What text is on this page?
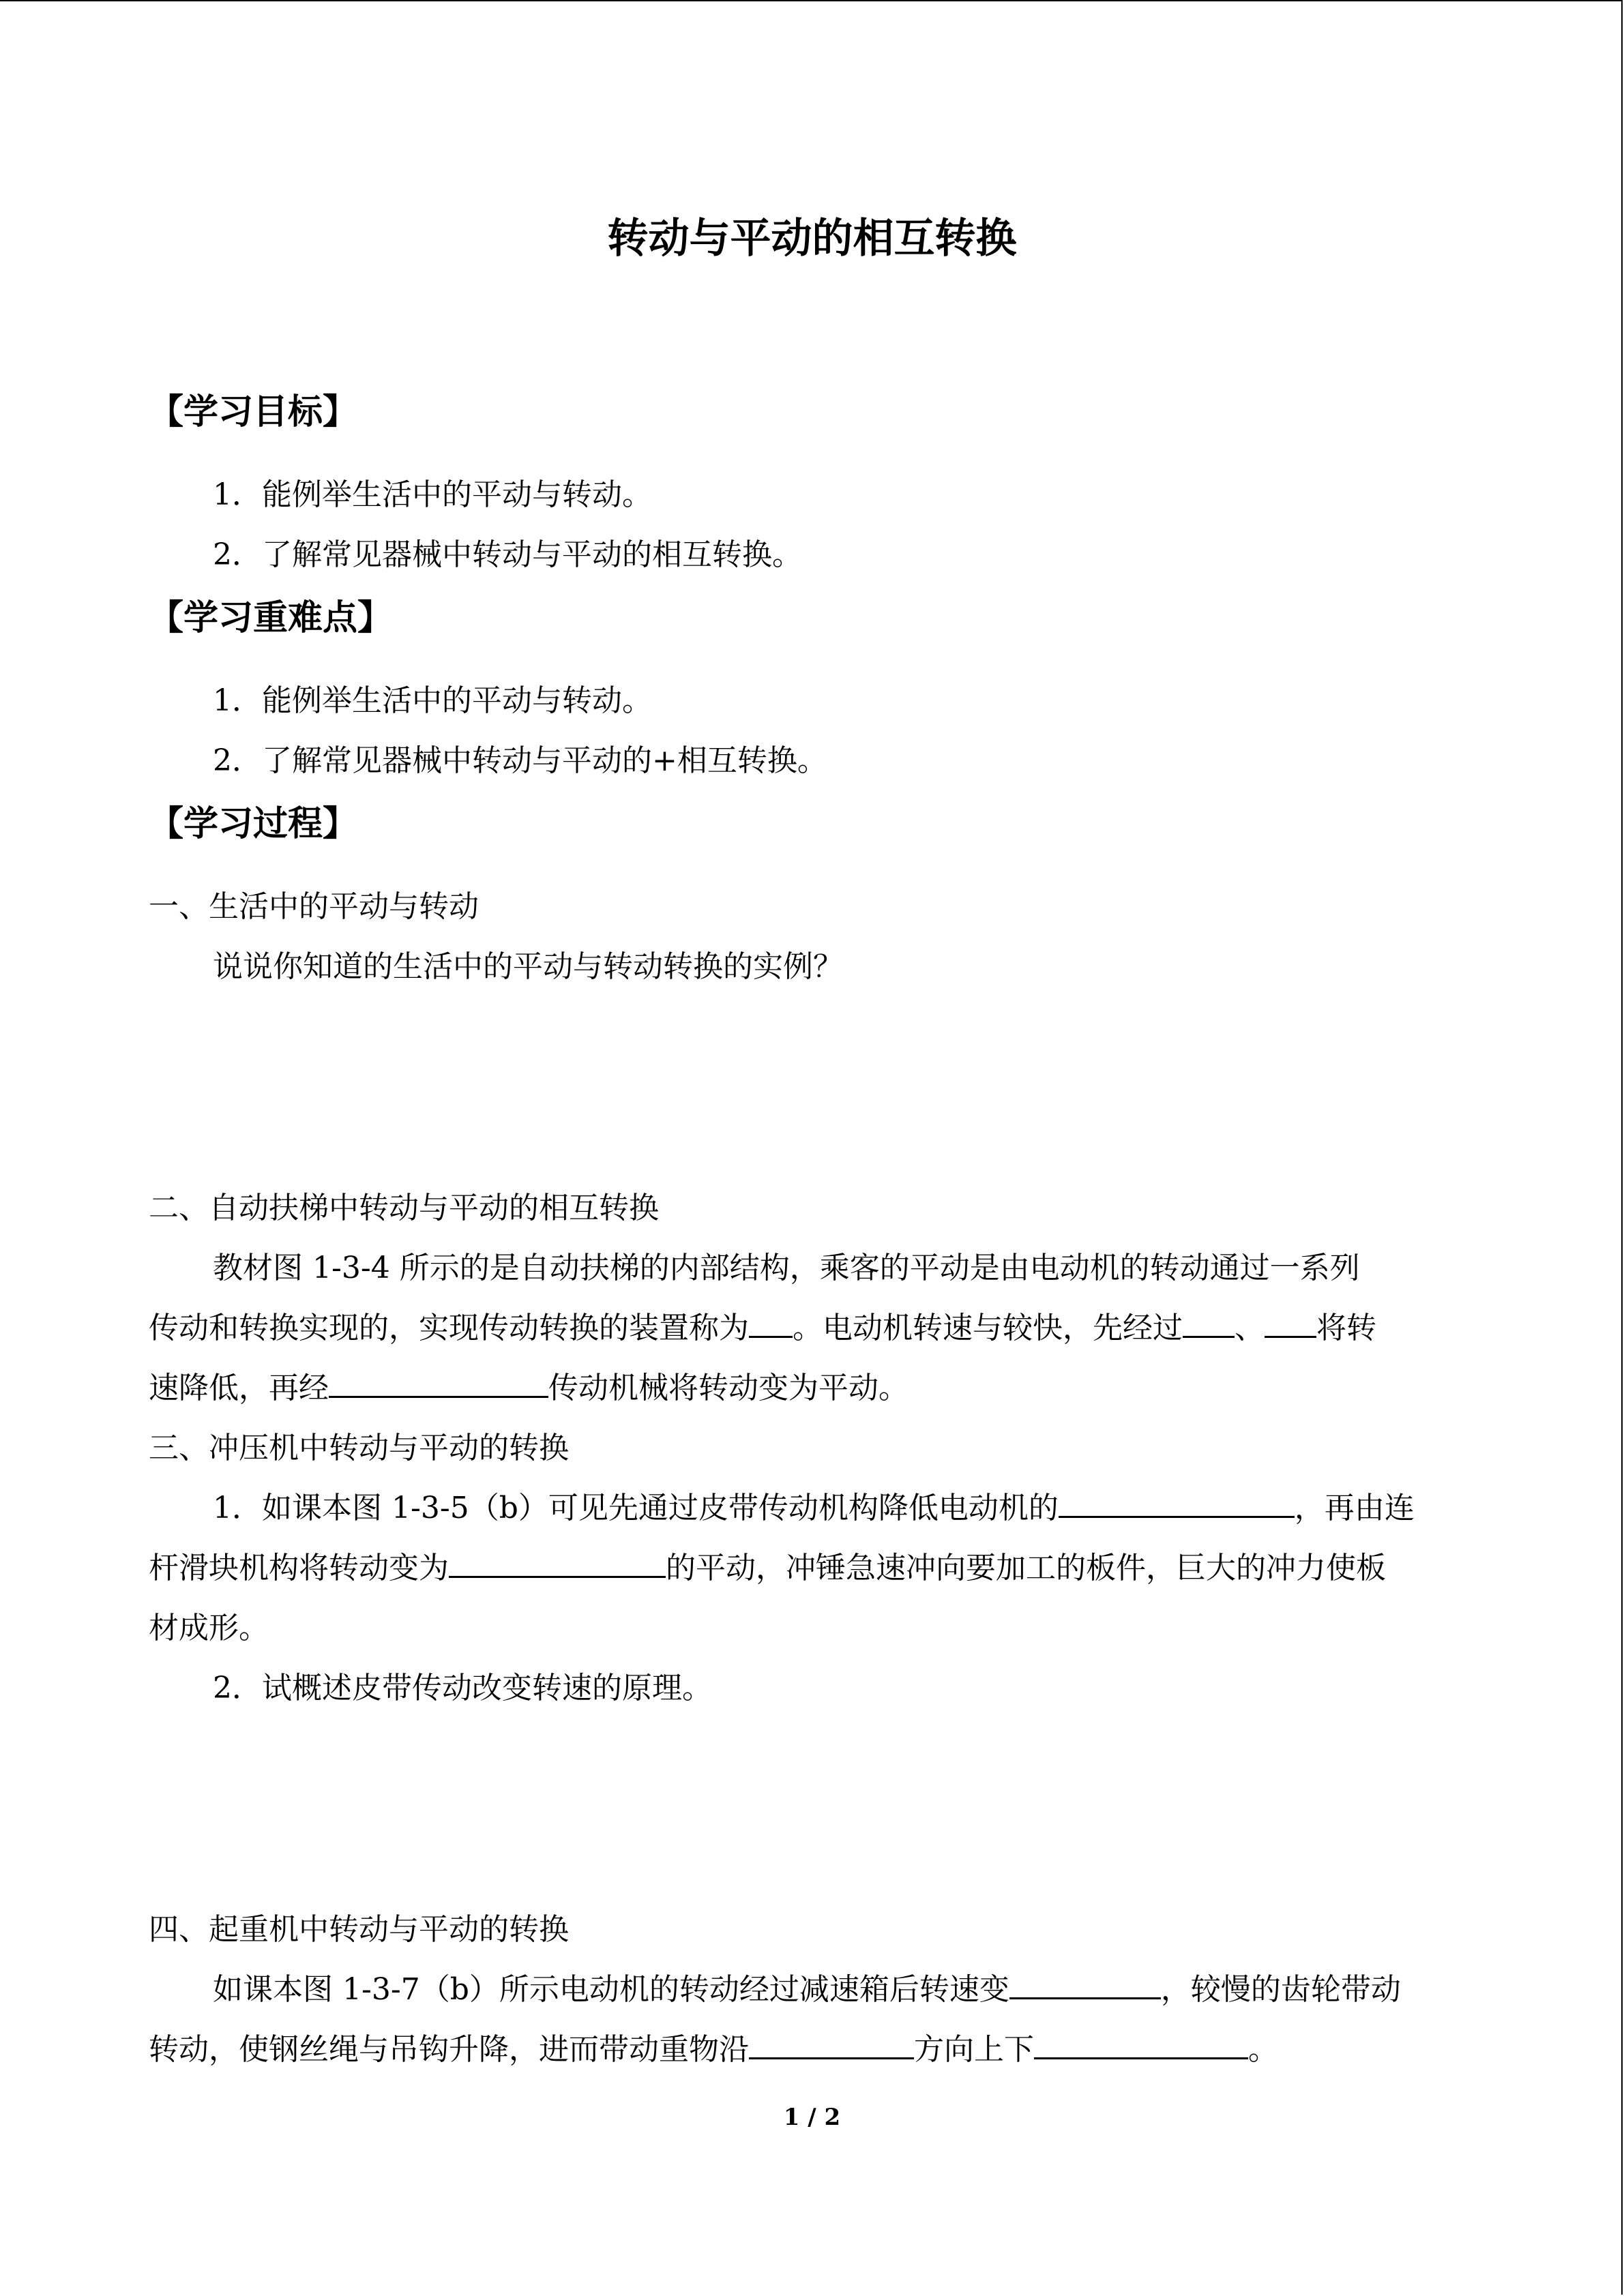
转动与平动的相互转换
【学习目标】
1．能例举生活中的平动与转动。
2．了解常见器械中转动与平动的相互转换。
【学习重难点】
1．能例举生活中的平动与转动。
2．了解常见器械中转动与平动的+相互转换。
【学习过程】
一、生活中的平动与转动
说说你知道的生活中的平动与转动转换的实例？
二、自动扶梯中转动与平动的相互转换
教材图 1-3-4 所示的是自动扶梯的内部结构，乘客的平动是由电动机的转动通过一系列
传动和转换实现的，实现传动转换的装置称为 。电动机转速与较快，先经过 、 将转
速降低，再经	传动机械将转动变为平动。
三、冲压机中转动与平动的转换
1．如课本图 1-3-5（b）可见先通过皮带传动机构降低电动机的	，再由连
杆滑块机构将转动变为	的平动，冲锤急速冲向要加工的板件，巨大的冲力使板
材成形。
2．试概述皮带传动改变转速的原理。
四、起重机中转动与平动的转换
如课本图 1-3-7（b）所示电动机的转动经过减速箱后转速变	，较慢的齿轮带动
转动，使钢丝绳与吊钩升降，进而带动重物沿	方向上下	。
1 / 2
